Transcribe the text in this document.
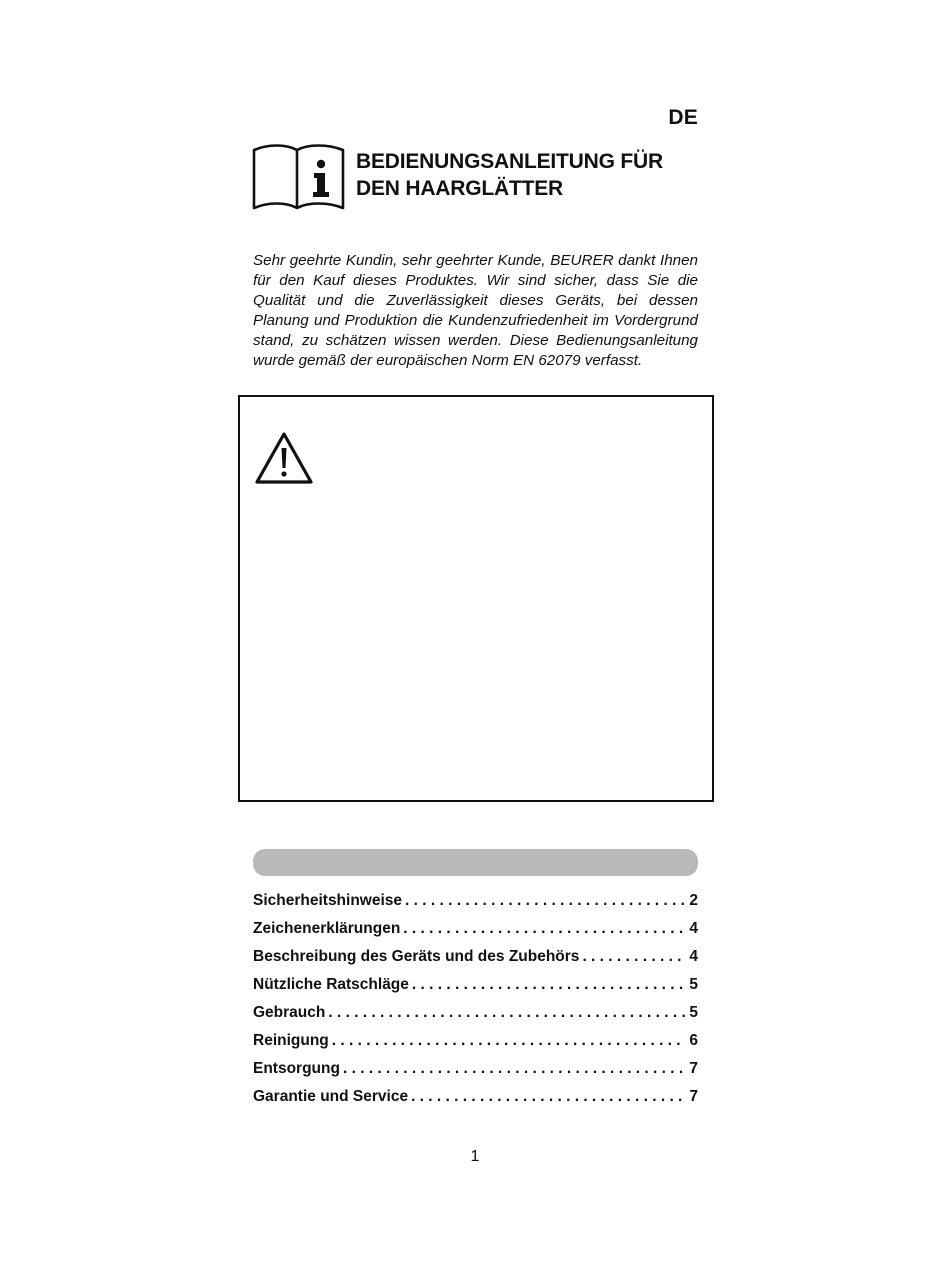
DE
BEDIENUNGSANLEITUNG FÜR
DEN HAARGLÄTTER

Sehr geehrte Kundin, sehr geehrter Kunde, BEURER dankt Ihnen für den Kauf dieses Produktes. Wir sind sicher, dass Sie die Qualität und die Zuverlässigkeit dieses Geräts, bei dessen Planung und Produktion die Kundenzufriedenheit im Vordergrund stand, zu schätzen wissen werden. Diese Bedienungsanleitung wurde gemäß der europäischen Norm EN 62079 verfasst.

Sicherheitshinweise . . .	2
Zeichenerklärungen . . .	4
Beschreibung des Geräts und des Zubehörs . . .	4
Nützliche Ratschläge . . .	5
Gebrauch . . .	5
Reinigung . . .	6
Entsorgung . . .	7
Garantie und Service . . .	7
1
